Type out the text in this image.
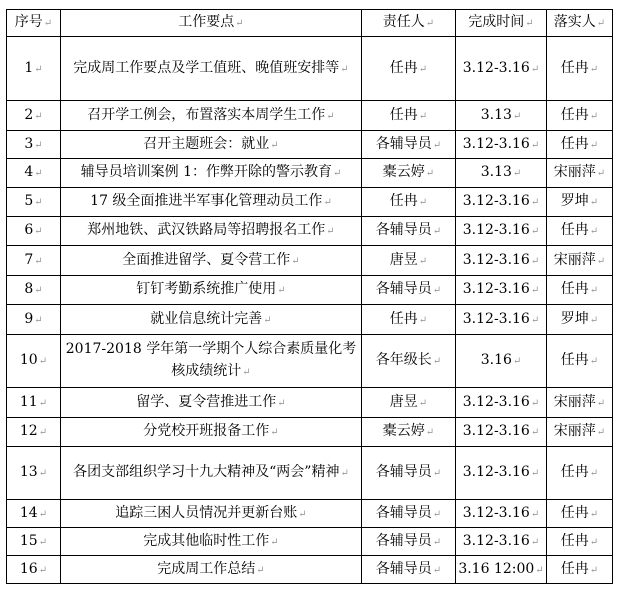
序号 ↵	工作要点 ↵	责任人 ↵	完成时间 ↵	落实人 ↵
1 ↵	完成周工作要点及学工值班、晚值班安排等 ↵	任冉 ↵	3.12-3.16 ↵	任冉 ↵
2 ↵	召开学工例会，布置落实本周学生工作 ↵	任冉 ↵	3.13 ↵	任冉 ↵
3 ↵	召开主题班会：就业 ↵	各辅导员 ↵	3.12-3.16 ↵	任冉 ↵
4 ↵	辅导员培训案例 1：作弊开除的警示教育 ↵	橐云婷 ↵	3.13 ↵	宋丽萍 ↵
5 ↵	17 级全面推进半军事化管理动员工作 ↵	任冉 ↵	3.12-3.16 ↵	罗坤 ↵
6 ↵	郑州地铁、武汉铁路局等招聘报名工作 ↵	各辅导员 ↵	3.12-3.16 ↵	任冉 ↵
7 ↵	全面推进留学、夏令营工作 ↵	唐昱 ↵	3.12-3.16 ↵	宋丽萍 ↵
8 ↵	钉钉考勤系统推广使用 ↵	各辅导员 ↵	3.12-3.16 ↵	任冉 ↵
9 ↵	就业信息统计完善 ↵	任冉 ↵	3.12-3.16 ↵	罗坤 ↵
10 ↵	2017-2018 学年第一学期个人综合素质量化考核成绩统计 ↵	各年级长 ↵	3.16 ↵	任冉 ↵
11 ↵	留学、夏令营推进工作 ↵	唐昱 ↵	3.12-3.16 ↵	宋丽萍 ↵
12 ↵	分党校开班报备工作 ↵	橐云婷 ↵	3.12-3.16 ↵	宋丽萍 ↵
13 ↵	各团支部组织学习十九大精神及“两会”精神 ↵	各辅导员 ↵	3.12-3.16 ↵	任冉 ↵
14 ↵	追踪三困人员情况并更新台账 ↵	各辅导员 ↵	3.12-3.16 ↵	任冉 ↵
15 ↵	完成其他临时性工作 ↵	各辅导员 ↵	3.12-3.16 ↵	任冉 ↵
16 ↵	完成周工作总结 ↵	各辅导员 ↵	3.16 12:00 ↵	任冉 ↵
